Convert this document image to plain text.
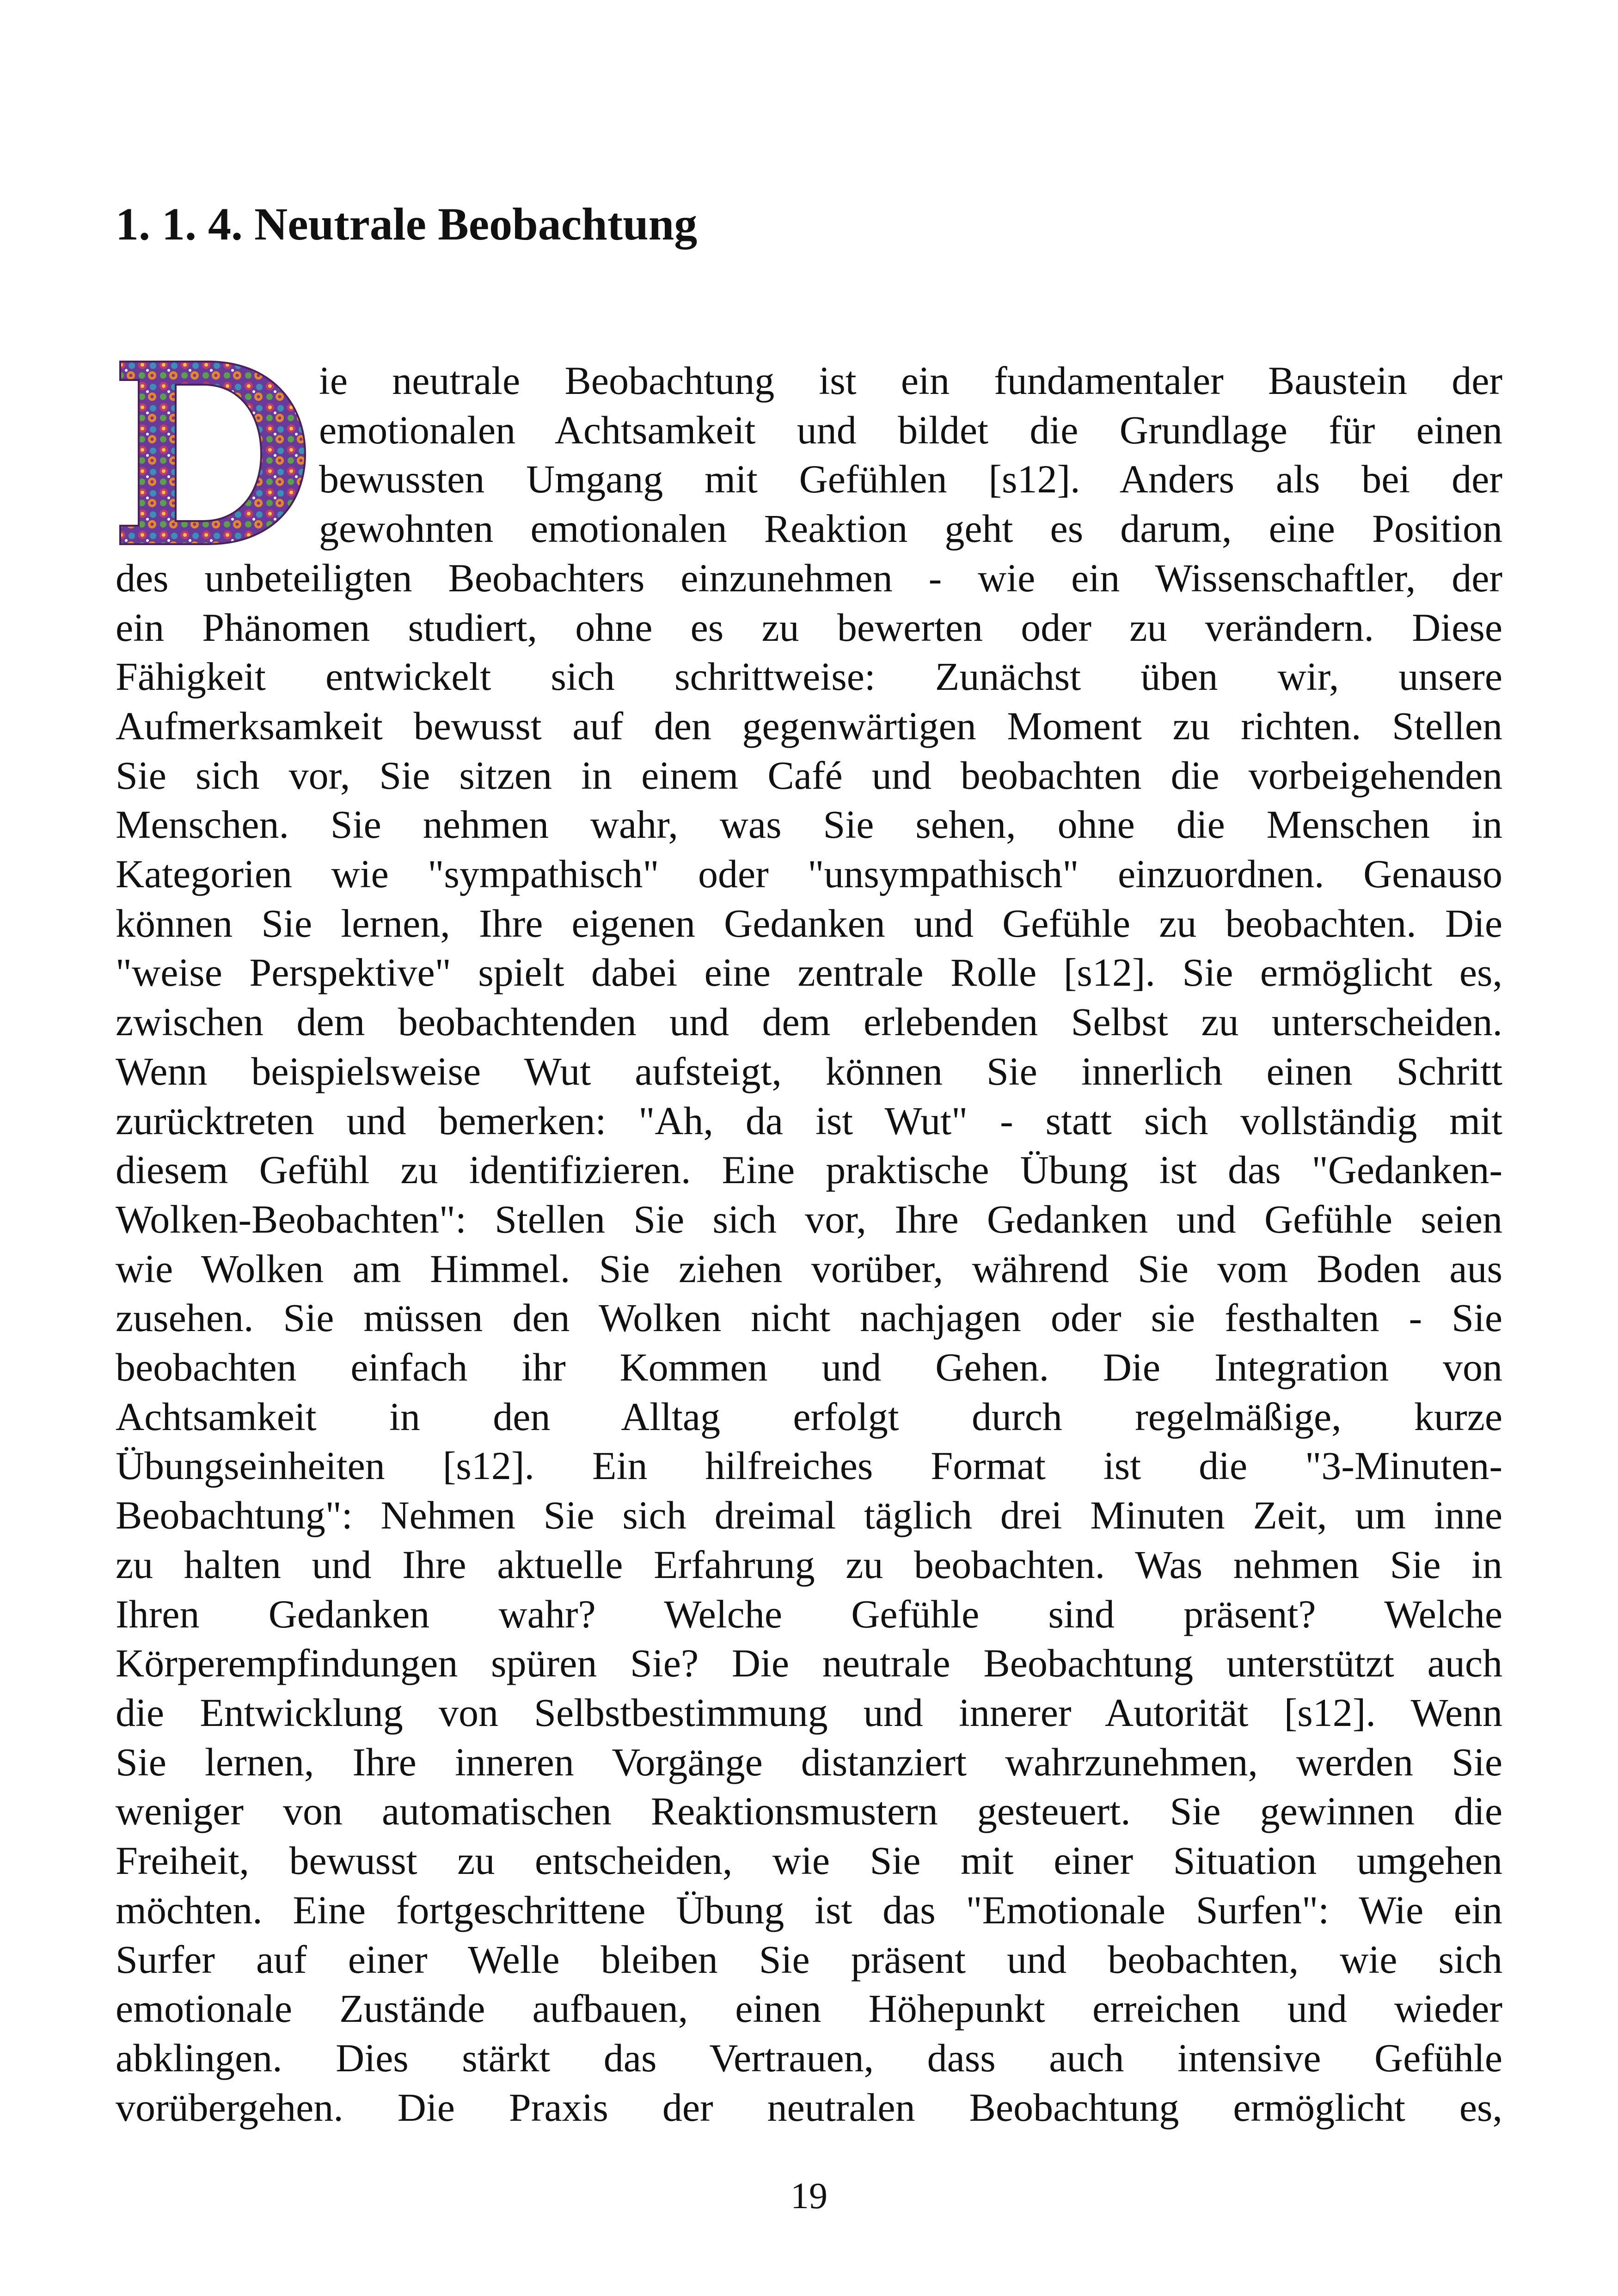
1. 1. 4. Neutrale Beobachtung

ie neutrale Beobachtung ist ein fundamentaler Baustein der
emotionalen Achtsamkeit und bildet die Grundlage für einen
bewussten Umgang mit Gefühlen [s12]. Anders als bei der
gewohnten emotionalen Reaktion geht es darum, eine Position
des unbeteiligten Beobachters einzunehmen - wie ein Wissenschaftler, der
ein Phänomen studiert, ohne es zu bewerten oder zu verändern. Diese
Fähigkeit entwickelt sich schrittweise: Zunächst üben wir, unsere
Aufmerksamkeit bewusst auf den gegenwärtigen Moment zu richten. Stellen
Sie sich vor, Sie sitzen in einem Café und beobachten die vorbeigehenden
Menschen. Sie nehmen wahr, was Sie sehen, ohne die Menschen in
Kategorien wie "sympathisch" oder "unsympathisch" einzuordnen. Genauso
können Sie lernen, Ihre eigenen Gedanken und Gefühle zu beobachten. Die
"weise Perspektive" spielt dabei eine zentrale Rolle [s12]. Sie ermöglicht es,
zwischen dem beobachtenden und dem erlebenden Selbst zu unterscheiden.
Wenn beispielsweise Wut aufsteigt, können Sie innerlich einen Schritt
zurücktreten und bemerken: "Ah, da ist Wut" - statt sich vollständig mit
diesem Gefühl zu identifizieren. Eine praktische Übung ist das "Gedanken-
Wolken-Beobachten": Stellen Sie sich vor, Ihre Gedanken und Gefühle seien
wie Wolken am Himmel. Sie ziehen vorüber, während Sie vom Boden aus
zusehen. Sie müssen den Wolken nicht nachjagen oder sie festhalten - Sie
beobachten einfach ihr Kommen und Gehen. Die Integration von
Achtsamkeit in den Alltag erfolgt durch regelmäßige, kurze
Übungseinheiten [s12]. Ein hilfreiches Format ist die "3-Minuten-
Beobachtung": Nehmen Sie sich dreimal täglich drei Minuten Zeit, um inne
zu halten und Ihre aktuelle Erfahrung zu beobachten. Was nehmen Sie in
Ihren Gedanken wahr? Welche Gefühle sind präsent? Welche
Körperempfindungen spüren Sie? Die neutrale Beobachtung unterstützt auch
die Entwicklung von Selbstbestimmung und innerer Autorität [s12]. Wenn
Sie lernen, Ihre inneren Vorgänge distanziert wahrzunehmen, werden Sie
weniger von automatischen Reaktionsmustern gesteuert. Sie gewinnen die
Freiheit, bewusst zu entscheiden, wie Sie mit einer Situation umgehen
möchten. Eine fortgeschrittene Übung ist das "Emotionale Surfen": Wie ein
Surfer auf einer Welle bleiben Sie präsent und beobachten, wie sich
emotionale Zustände aufbauen, einen Höhepunkt erreichen und wieder
abklingen. Dies stärkt das Vertrauen, dass auch intensive Gefühle
vorübergehen. Die Praxis der neutralen Beobachtung ermöglicht es,

19
